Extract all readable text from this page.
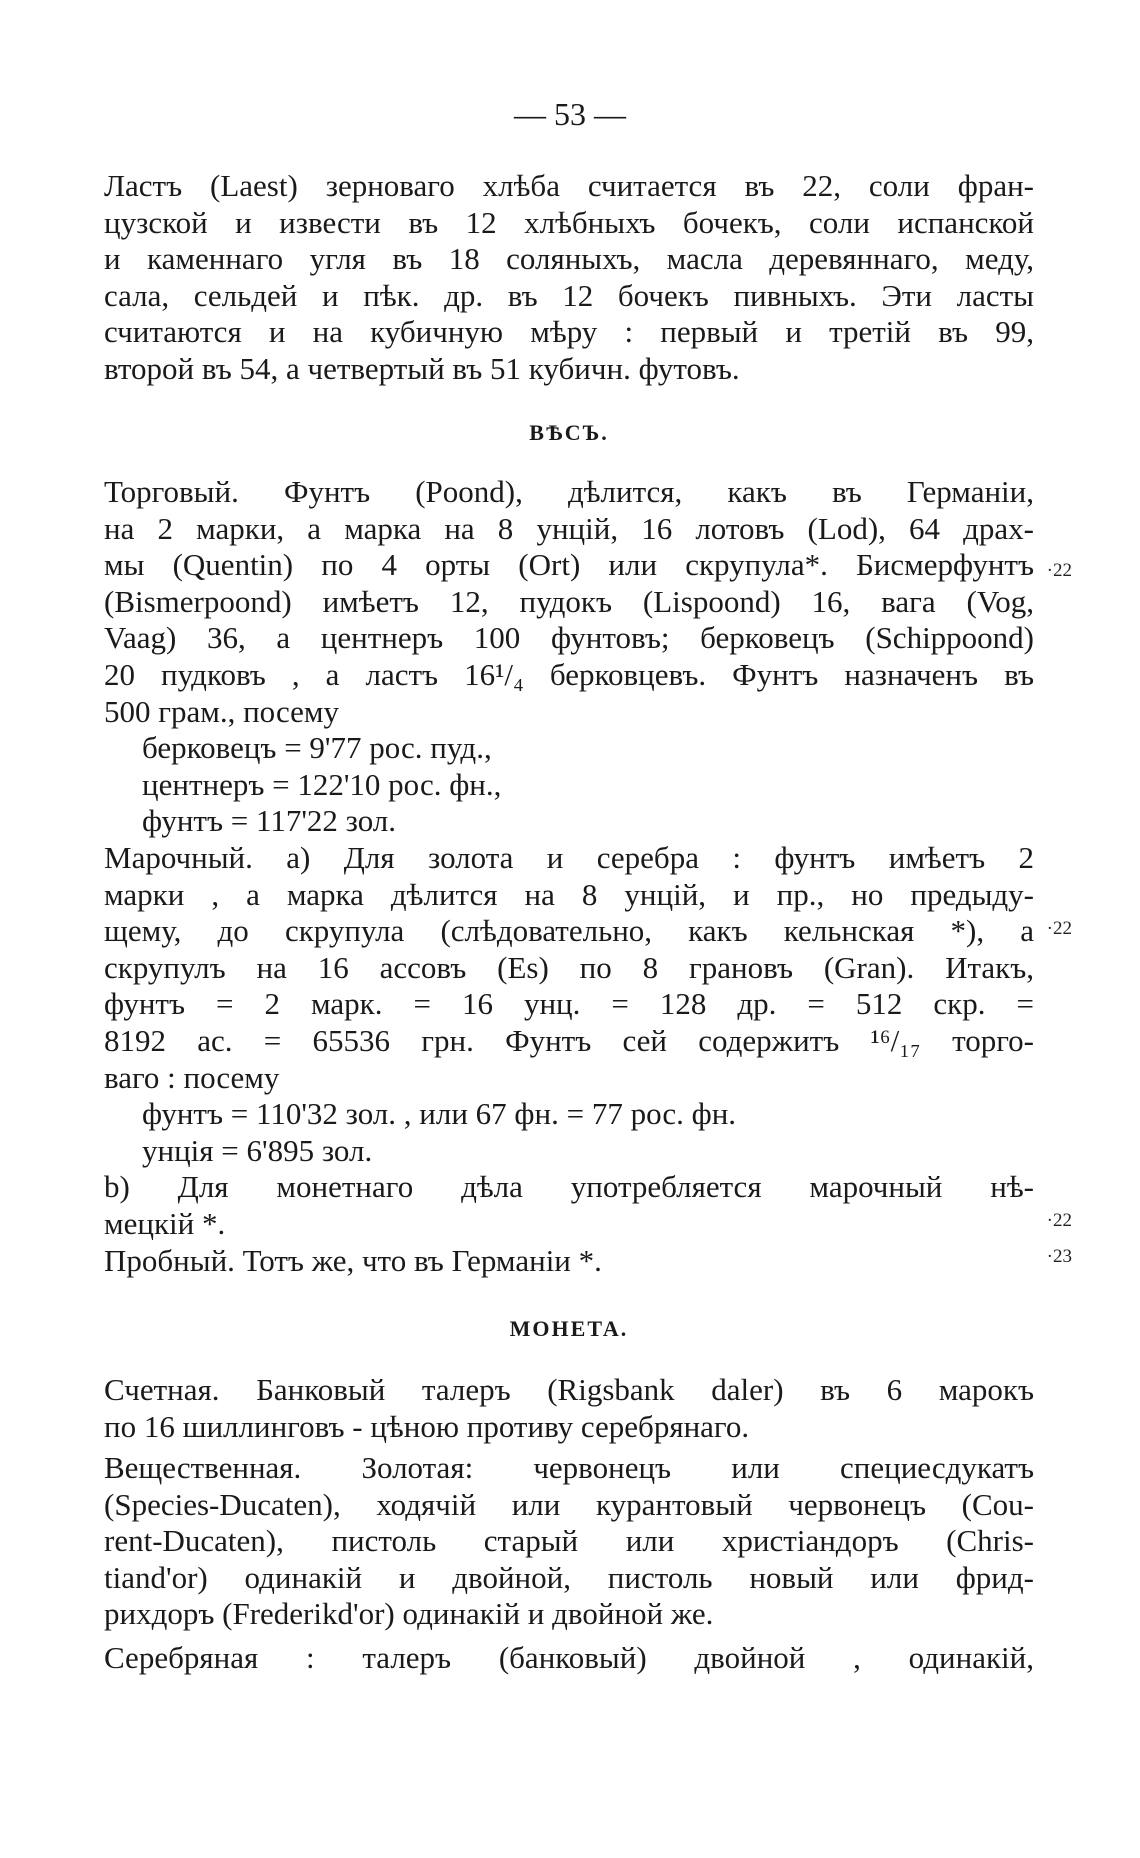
— 53 —
Ластъ (Laest) зерноваго хлѣба считается въ 22, соли фран-
цузской и извести въ 12 хлѣбныхъ бочекъ, соли испанской
и каменнаго угля въ 18 соляныхъ, масла деревяннаго, меду,
сала, сельдей и пѣк. др. въ 12 бочекъ пивныхъ. Эти ласты
считаются и на кубичную мѣру : первый и третій въ 99,
второй въ 54, а четвертый въ 51 кубичн. футовъ.
ВѢСЪ.
Торговый. Фунтъ (Poond), дѣлится, какъ въ Германіи,
на 2 марки, а марка на 8 унцій, 16 лотовъ (Lod), 64 драх-
мы (Quentin) по 4 орты (Ort) или скрупула*. Бисмерфунтъ
(Bismerpoond) имѣетъ 12, пудокъ (Lispoond) 16, вага (Vog,
Vaag) 36, а центнеръ 100 фунтовъ; берковецъ (Schippoond)
20 пудковъ , а ластъ 16¹/₄ берковцевъ. Фунтъ назначенъ въ
500 грам., посему
берковецъ = 9'77 рос. пуд.,
центнеръ = 122'10 рос. фн.,
фунтъ = 117'22 зол.
Марочный. a) Для золота и серебра : фунтъ имѣетъ 2
марки , а марка дѣлится на 8 унцій, и пр., но предыду-
щему, до скрупула (слѣдовательно, какъ кельнская *), а
скрупулъ на 16 ассовъ (Es) по 8 грановъ (Gran). Итакъ,
фунтъ = 2 марк. = 16 унц. = 128 др. = 512 скр. =
8192 ас. = 65536 грн. Фунтъ сей содержитъ ¹⁶/₁₇ торго-
ваго : посему
фунтъ = 110'32 зол. , или 67 фн. = 77 рос. фн.
унція = 6'895 зол.
b) Для монетнаго дѣла употребляется марочный нѣ-
мецкій *.
Пробный. Тотъ же, что въ Германіи *.
МОНЕТА.
Счетная. Банковый талеръ (Rigsbank daler) въ 6 марокъ
по 16 шиллинговъ - цѣною противу серебрянаго.
Вещественная. Золотая: червонецъ или специесдукатъ
(Species-Ducaten), ходячій или курантовый червонецъ (Cou-
rent-Ducaten), пистоль старый или христіандоръ (Chris-
tiand'or) одинакій и двойной, пистоль новый или фрид-
рихдоръ (Frederikd'or) одинакій и двойной же.
Серебряная : талеръ (банковый) двойной , одинакій,
·22
·22
·22
·23
